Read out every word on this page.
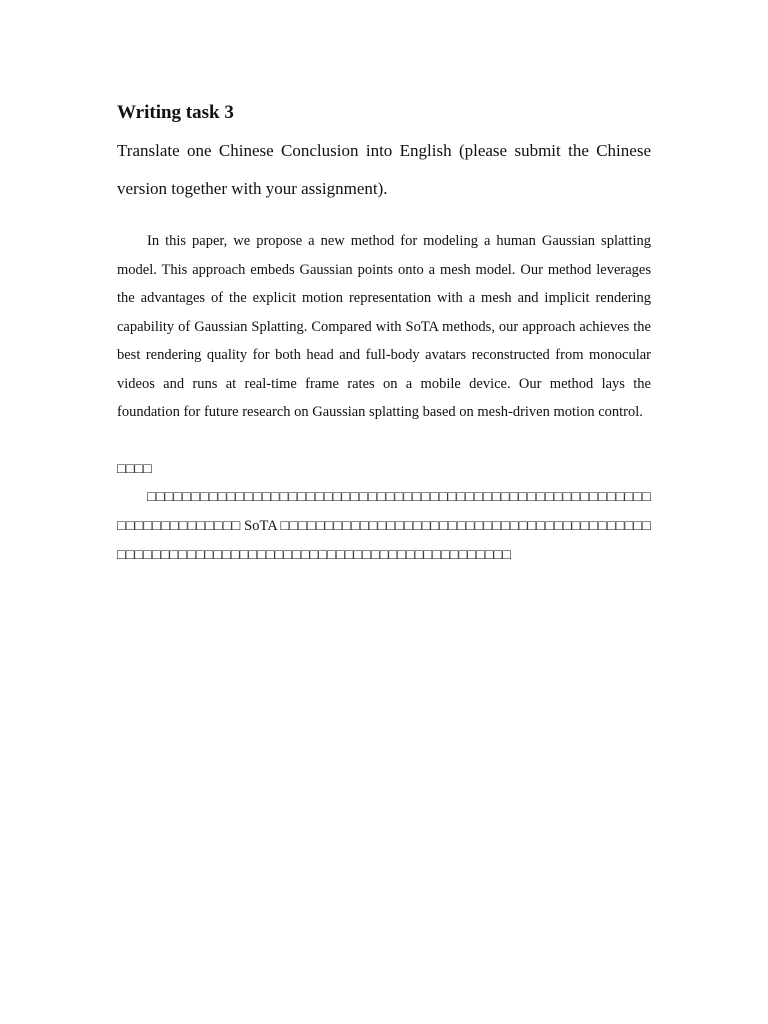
Writing task 3

Translate one Chinese Conclusion into English (please submit the Chinese version together with your assignment).

In this paper, we propose a new method for modeling a human Gaussian splatting model. This approach embeds Gaussian points onto a mesh model. Our method leverages the advantages of the explicit motion representation with a mesh and implicit rendering capability of Gaussian Splatting. Compared with SoTA methods, our approach achieves the best rendering quality for both head and full-body avatars reconstructed from monocular videos and runs at real-time frame rates on a mobile device. Our method lays the foundation for future research on Gaussian splatting based on mesh-driven motion control.

□□□□

□□□□□□□□□□□□□□□□□□□□□□□□□□□□□□□□□□□□□□□□□□□□□□□□□□□□□□□□□□□□□□□□□□□□□□□ SoTA □□□□□□□□□□□□□□□□□□□□□□□□□□□□□□□□□□□□□□□□□□□□□□□□□□□□□□□□□□□□□□□□□□□□□□□□□□□□□□□□□□□□□□□
